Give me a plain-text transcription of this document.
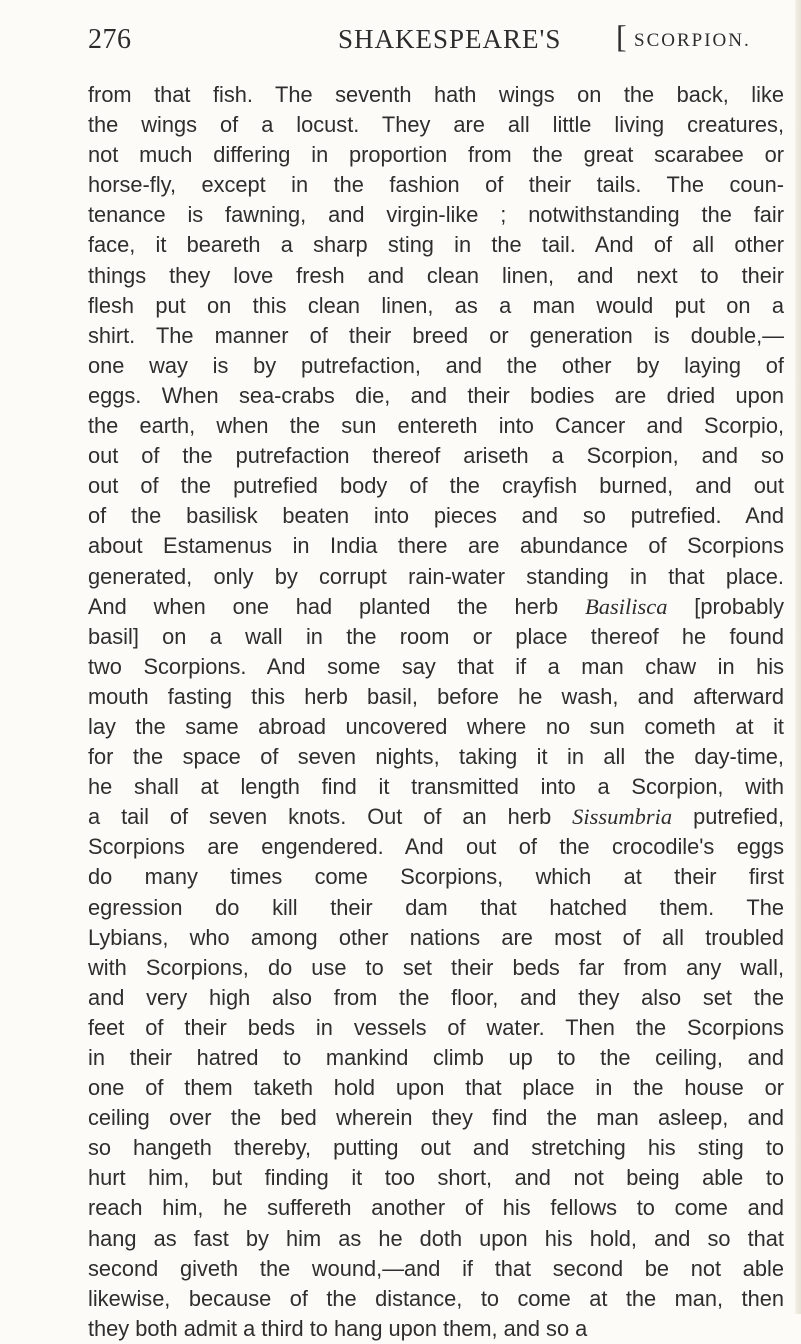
276	SHAKESPEARE'S [ SCORPION.
from that fish. The seventh hath wings on the back, like
the wings of a locust. They are all little living creatures,
not much differing in proportion from the great scarabee or
horse-fly, except in the fashion of their tails. The coun-
tenance is fawning, and virgin-like ; notwithstanding the fair
face, it beareth a sharp sting in the tail. And of all other
things they love fresh and clean linen, and next to their
flesh put on this clean linen, as a man would put on a
shirt. The manner of their breed or generation is double,—
one way is by putrefaction, and the other by laying of
eggs. When sea-crabs die, and their bodies are dried upon
the earth, when the sun entereth into Cancer and Scorpio,
out of the putrefaction thereof ariseth a Scorpion, and so
out of the putrefied body of the crayfish burned, and out
of the basilisk beaten into pieces and so putrefied. And
about Estamenus in India there are abundance of Scorpions
generated, only by corrupt rain-water standing in that place.
And when one had planted the herb Basilisca [probably
basil] on a wall in the room or place thereof he found
two Scorpions. And some say that if a man chaw in his
mouth fasting this herb basil, before he wash, and afterward
lay the same abroad uncovered where no sun cometh at it
for the space of seven nights, taking it in all the day-time,
he shall at length find it transmitted into a Scorpion, with
a tail of seven knots. Out of an herb Sissumbria putrefied,
Scorpions are engendered. And out of the crocodile's eggs
do many times come Scorpions, which at their first
egression do kill their dam that hatched them. The
Lybians, who among other nations are most of all troubled
with Scorpions, do use to set their beds far from any wall,
and very high also from the floor, and they also set the
feet of their beds in vessels of water. Then the Scorpions
in their hatred to mankind climb up to the ceiling, and
one of them taketh hold upon that place in the house or
ceiling over the bed wherein they find the man asleep, and
so hangeth thereby, putting out and stretching his sting to
hurt him, but finding it too short, and not being able to
reach him, he suffereth another of his fellows to come and
hang as fast by him as he doth upon his hold, and so that
second giveth the wound,—and if that second be not able
likewise, because of the distance, to come at the man, then
they both admit a third to hang upon them, and so a
